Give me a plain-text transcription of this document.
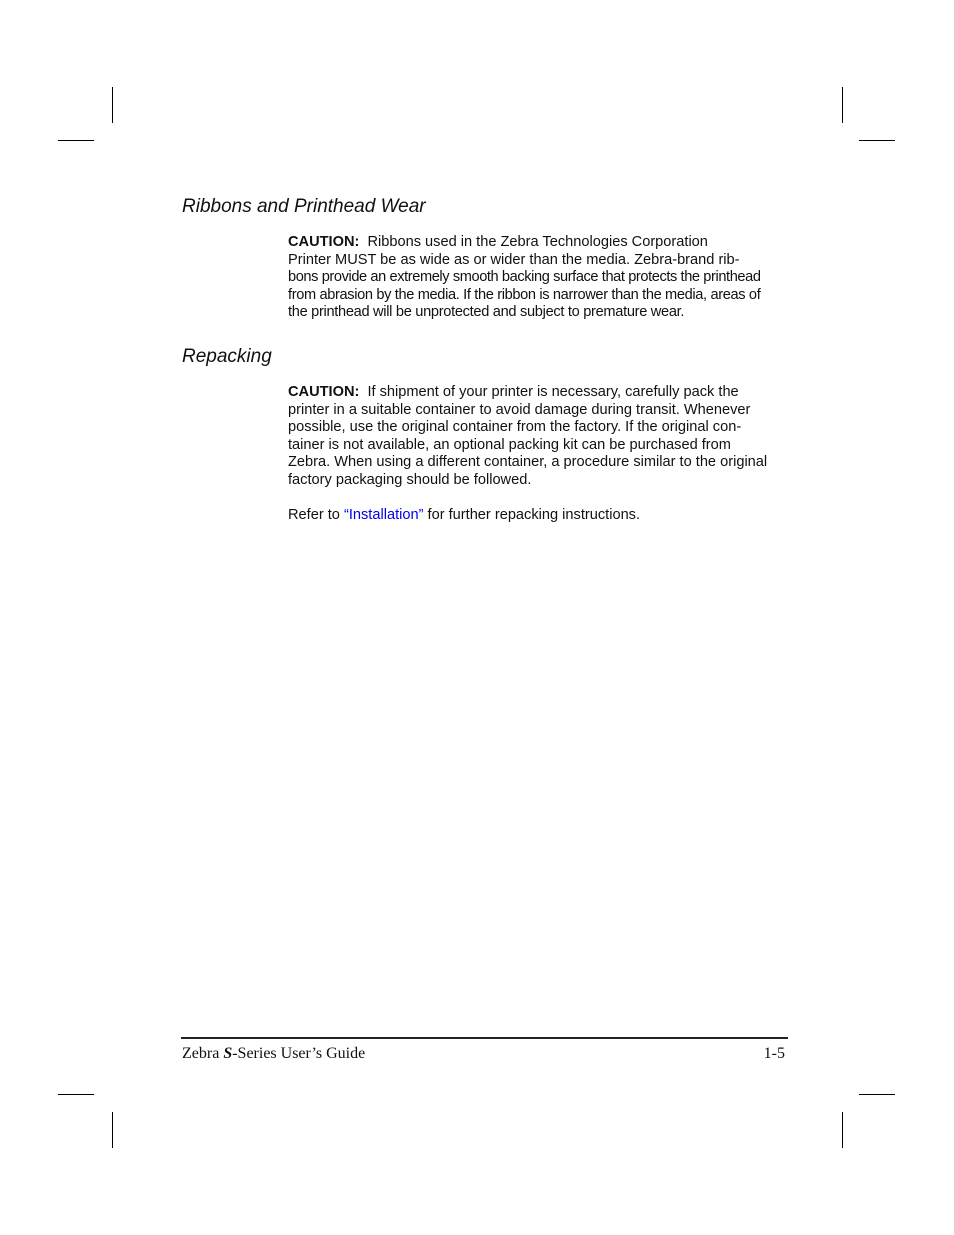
Ribbons and Printhead Wear
CAUTION: Ribbons used in the Zebra Technologies Corporation
Printer MUST be as wide as or wider than the media. Zebra-brand rib-
bons provide an extremely smooth backing surface that protects the printhead
from abrasion by the media. If the ribbon is narrower than the media, areas of
the printhead will be unprotected and subject to premature wear.
Repacking
CAUTION: If shipment of your printer is necessary, carefully pack the
printer in a suitable container to avoid damage during transit. Whenever
possible, use the original container from the factory. If the original con-
tainer is not available, an optional packing kit can be purchased from
Zebra. When using a different container, a procedure similar to the original
factory packaging should be followed.
Refer to “Installation” for further repacking instructions.
Zebra S-Series User’s Guide	1-5
